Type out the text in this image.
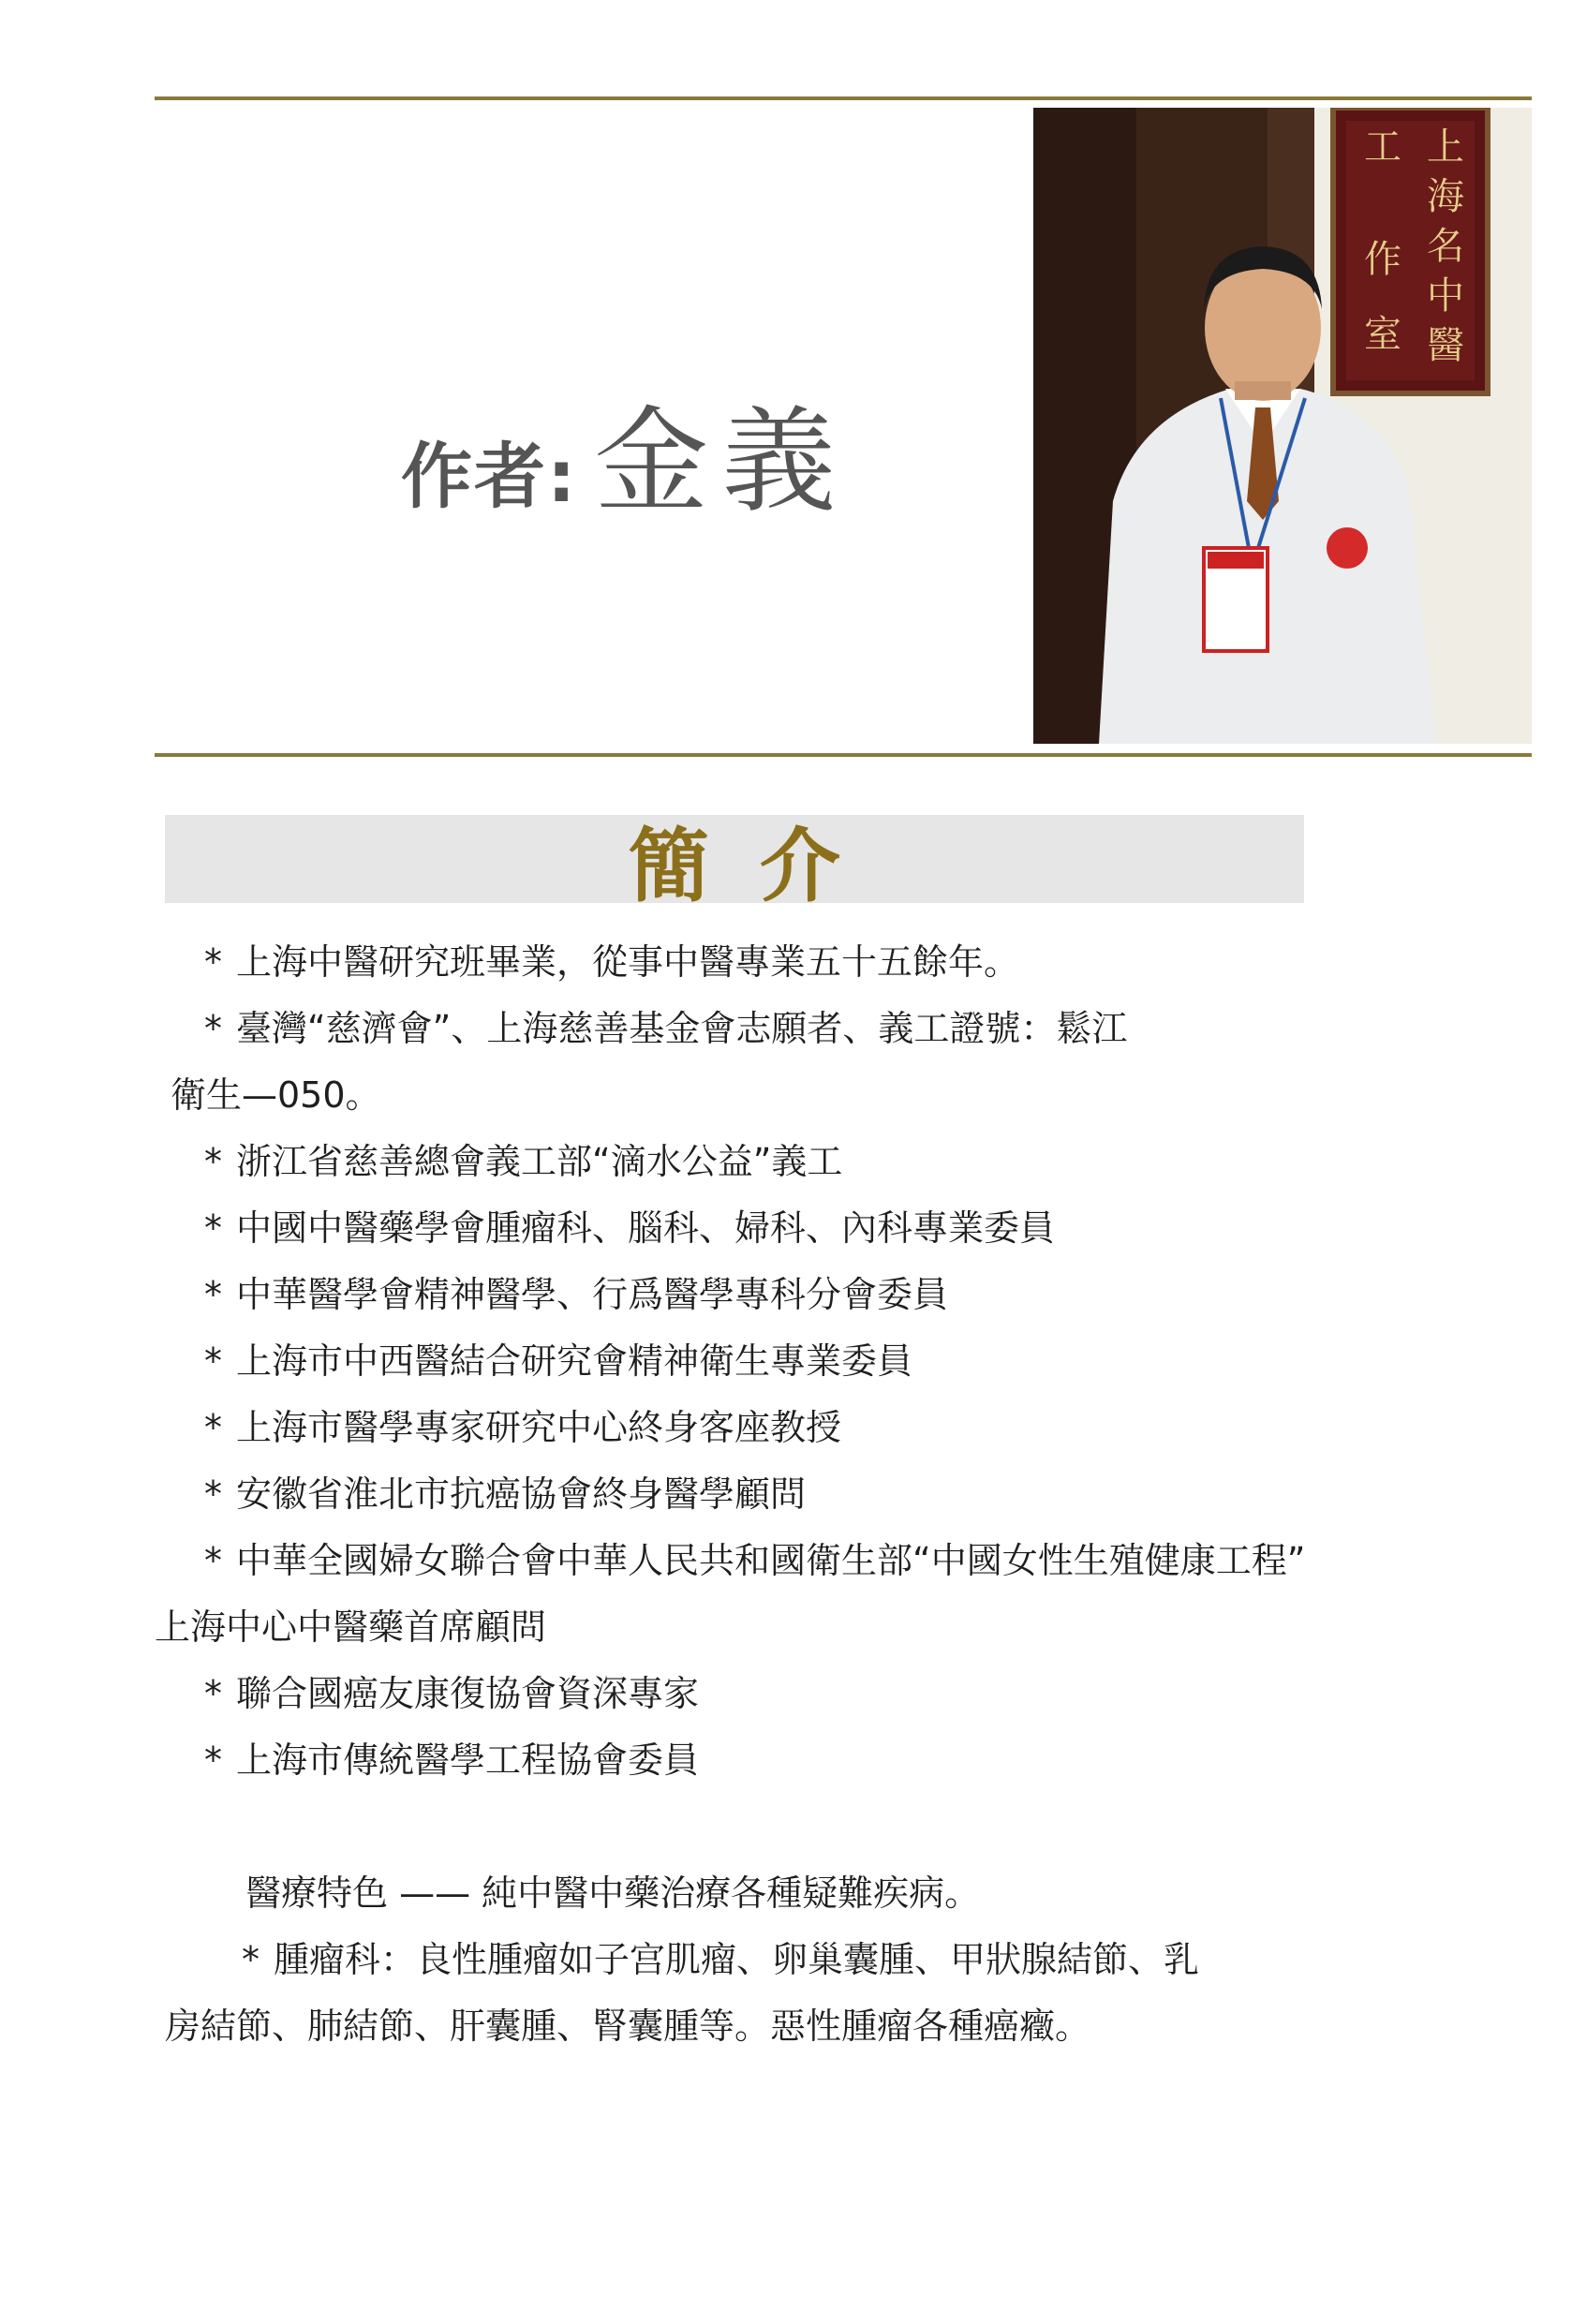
作者: 金義
上
海
名
中
醫
工
作
室
簡介
* 上海中醫研究班畢業，從事中醫專業五十五餘年。
* 臺灣“慈濟會”、上海慈善基金會志願者、義工證號：鬆江
衛生—050。
* 浙江省慈善總會義工部“滴水公益”義工
* 中國中醫藥學會腫瘤科、腦科、婦科、內科專業委員
* 中華醫學會精神醫學、行爲醫學專科分會委員
* 上海市中西醫結合研究會精神衛生專業委員
* 上海市醫學專家研究中心終身客座教授
* 安徽省淮北市抗癌協會終身醫學顧問
* 中華全國婦女聯合會中華人民共和國衛生部“中國女性生殖健康工程”
上海中心中醫藥首席顧問
* 聯合國癌友康復協會資深專家
* 上海市傳統醫學工程協會委員
醫療特色 —— 純中醫中藥治療各種疑難疾病。
* 腫瘤科：良性腫瘤如子宫肌瘤、卵巢囊腫、甲狀腺結節、乳
房結節、肺結節、肝囊腫、腎囊腫等。惡性腫瘤各種癌癥。
